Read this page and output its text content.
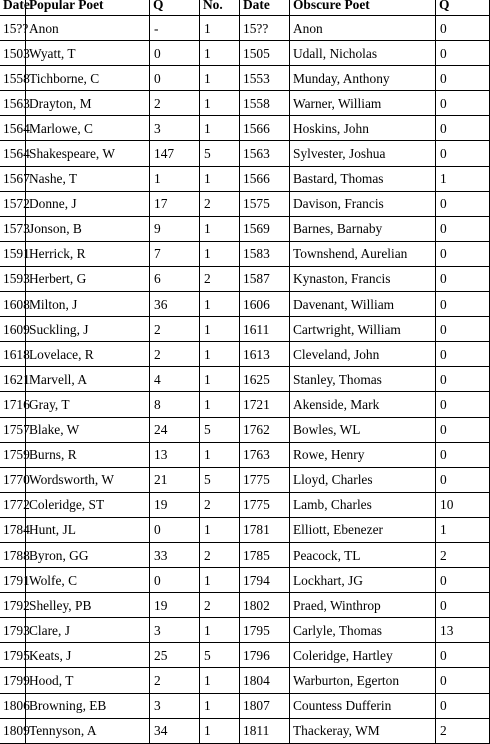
Date	Popular Poet	Q	No.	Date	Obscure Poet	Q
15??	Anon	-	1	15??	Anon	0
1503	Wyatt, T	0	1	1505	Udall, Nicholas	0
1558	Tichborne, C	0	1	1553	Munday, Anthony	0
1563	Drayton, M	2	1	1558	Warner, William	0
1564	Marlowe, C	3	1	1566	Hoskins, John	0
1564	Shakespeare, W	147	5	1563	Sylvester, Joshua	0
1567	Nashe, T	1	1	1566	Bastard, Thomas	1
1572	Donne, J	17	2	1575	Davison, Francis	0
1573	Jonson, B	9	1	1569	Barnes, Barnaby	0
1591	Herrick, R	7	1	1583	Townshend, Aurelian	0
1593	Herbert, G	6	2	1587	Kynaston, Francis	0
1608	Milton, J	36	1	1606	Davenant, William	0
1609	Suckling, J	2	1	1611	Cartwright, William	0
1618	Lovelace, R	2	1	1613	Cleveland, John	0
1621	Marvell, A	4	1	1625	Stanley, Thomas	0
1716	Gray, T	8	1	1721	Akenside, Mark	0
1757	Blake, W	24	5	1762	Bowles, WL	0
1759	Burns, R	13	1	1763	Rowe, Henry	0
1770	Wordsworth, W	21	5	1775	Lloyd, Charles	0
1772	Coleridge, ST	19	2	1775	Lamb, Charles	10
1784	Hunt, JL	0	1	1781	Elliott, Ebenezer	1
1788	Byron, GG	33	2	1785	Peacock, TL	2
1791	Wolfe, C	0	1	1794	Lockhart, JG	0
1792	Shelley, PB	19	2	1802	Praed, Winthrop	0
1793	Clare, J	3	1	1795	Carlyle, Thomas	13
1795	Keats, J	25	5	1796	Coleridge, Hartley	0
1799	Hood, T	2	1	1804	Warburton, Egerton	0
1806	Browning, EB	3	1	1807	Countess Dufferin	0
1809	Tennyson, A	34	1	1811	Thackeray, WM	2
